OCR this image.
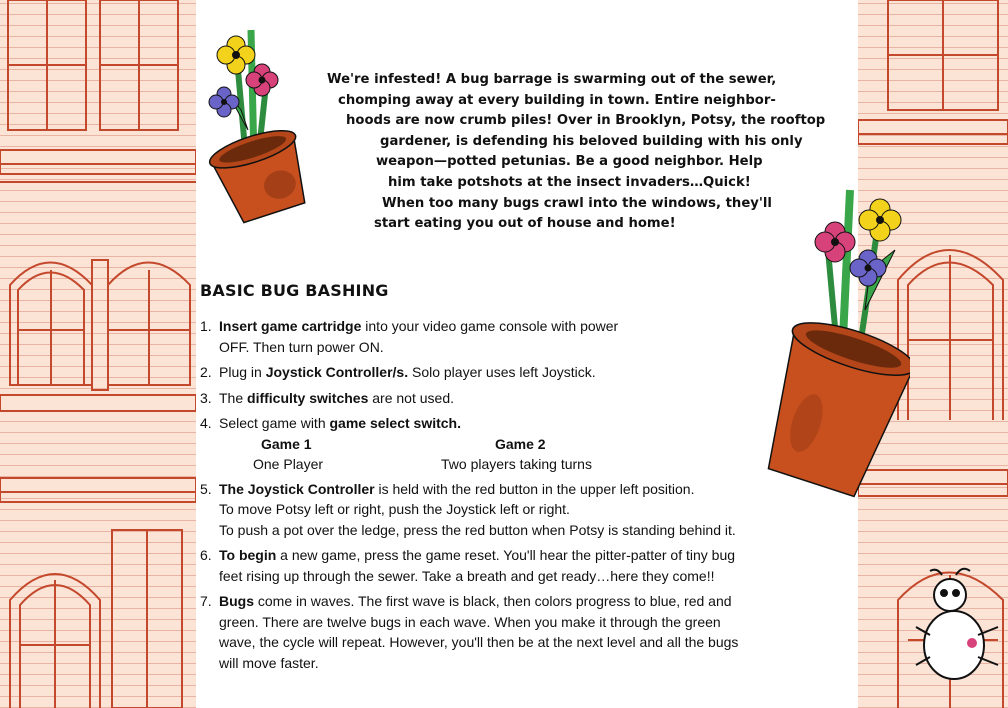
We're infested! A bug barrage is swarming out of the sewer,
chomping away at every building in town. Entire neighbor-
hoods are now crumb piles! Over in Brooklyn, Potsy, the rooftop
gardener, is defending his beloved building with his only
weapon—potted petunias. Be a good neighbor. Help
him take potshots at the insect invaders…Quick!
When too many bugs crawl into the windows, they'll
start eating you out of house and home!
BASIC BUG BASHING
1. Insert game cartridge into your video game console with power
OFF. Then turn power ON.
2. Plug in Joystick Controller/s. Solo player uses left Joystick.
3. The difficulty switches are not used.
4. Select game with game select switch.
Game 1	Game 2
One Player	Two players taking turns
5. The Joystick Controller is held with the red button in the upper left position.
To move Potsy left or right, push the Joystick left or right.
To push a pot over the ledge, press the red button when Potsy is standing behind it.
6. To begin a new game, press the game reset. You'll hear the pitter-patter of tiny bug
feet rising up through the sewer. Take a breath and get ready…here they come!!
7. Bugs come in waves. The first wave is black, then colors progress to blue, red and
green. There are twelve bugs in each wave. When you make it through the green
wave, the cycle will repeat. However, you'll then be at the next level and all the bugs
will move faster.
